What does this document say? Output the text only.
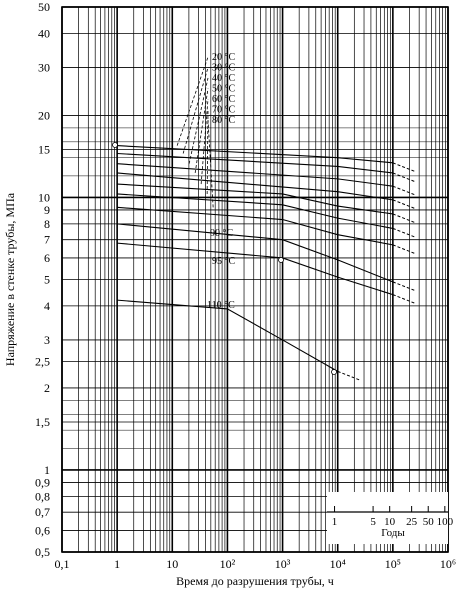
0,5
0,6
0,7
0,8
0,9
1
1,5
2
2,5
3
4
5
6
7
8
9
10
15
20
30
40
50
0,1	1	10	10²	10³	10⁴	10⁵	10⁶
20 °C
30 °C
40 °C
50 °C
60 °C
70 °C
80 °C
90 °C
95 °C
110 °C
Годы
1	5 10 25 50 100
Время до разрушения трубы, ч
Напряжение в стенке трубы, МПа
